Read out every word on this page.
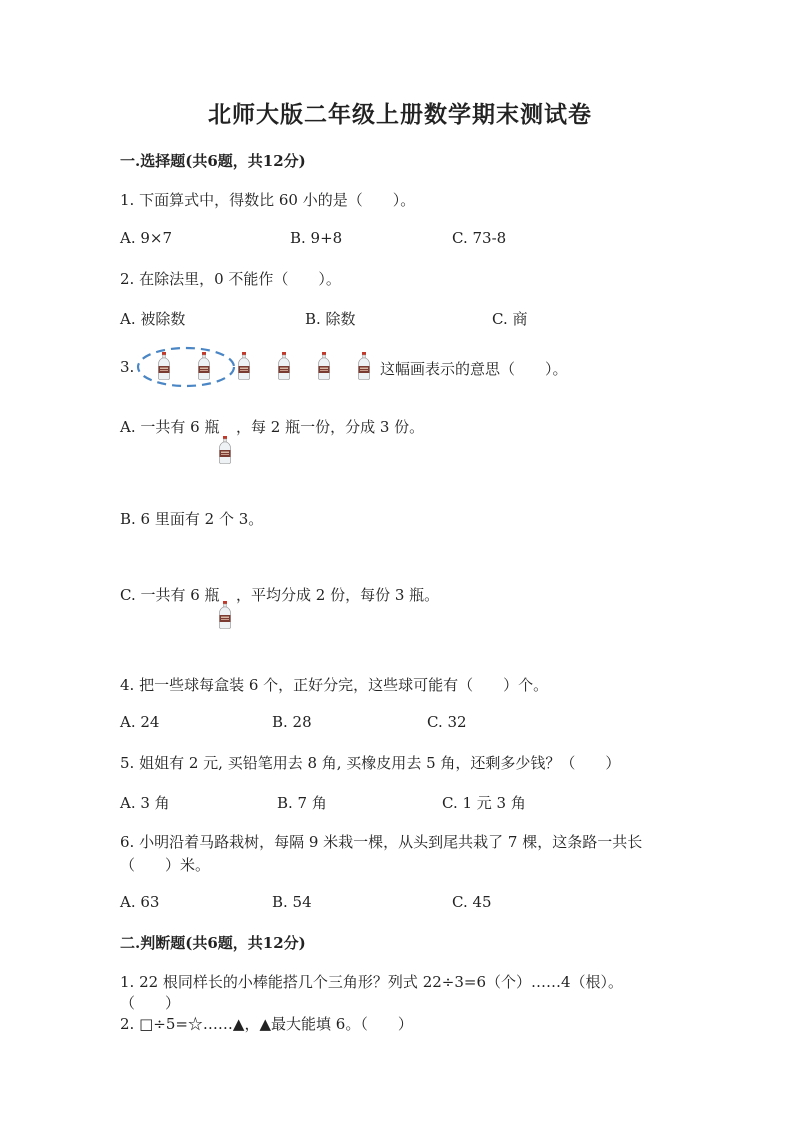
北师大版二年级上册数学期末测试卷
一.选择题(共6题，共12分)
1. 下面算式中，得数比 60 小的是（　　）。
A. 9×7	B. 9+8	C. 73-8
2. 在除法里，0 不能作（　　）。
A. 被除数	B. 除数	C. 商
3.	这幅画表示的意思（　　）。
A. 一共有 6 瓶 ，每 2 瓶一份，分成 3 份。
B. 6 里面有 2 个 3。
C. 一共有 6 瓶 ，平均分成 2 份，每份 3 瓶。
4. 把一些球每盒装 6 个，正好分完，这些球可能有（　　）个。
A. 24	B. 28	C. 32
5. 姐姐有 2 元, 买铅笔用去 8 角, 买橡皮用去 5 角，还剩多少钱？（　　）
A. 3 角	B. 7 角	C. 1 元 3 角
6. 小明沿着马路栽树，每隔 9 米栽一棵，从头到尾共栽了 7 棵，这条路一共长
（　　）米。
A. 63	B. 54	C. 45
二.判断题(共6题，共12分)
1. 22 根同样长的小棒能搭几个三角形？列式 22÷3=6（个）……4（根）。
（　　）
2. □÷5=☆……▲，▲最大能填 6。（　　）
